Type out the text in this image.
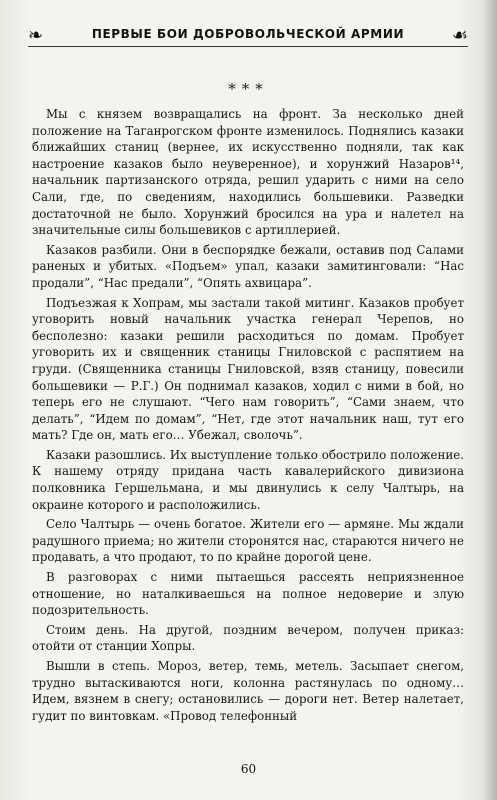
❧	ПЕРВЫЕ БОИ ДОБРОВОЛЬЧЕСКОЙ АРМИИ	☙
***

Мы с князем возвращались на фронт. За несколько дней положение на Таганрогском фронте изменилось. Поднялись казаки ближайших станиц (вернее, их искусственно подняли, так как настроение казаков было неуверенное), и хорунжий Назаров¹⁴, начальник партизанского отряда, решил ударить с ними на село Сали, где, по сведениям, находились большевики. Разведки достаточной не было. Хорунжий бросился на ура и налетел на значительные силы большевиков с артиллерией.

Казаков разбили. Они в беспорядке бежали, оставив под Салами раненых и убитых. «Подъем» упал, казаки замитинговали: “Нас продали”, “Нас предали”, “Опять ахвицара”.

Подъезжая к Хопрам, мы застали такой митинг. Казаков пробует уговорить новый начальник участка генерал Черепов, но бесполезно: казаки решили расходиться по домам. Пробует уговорить их и священник станицы Гниловской с распятием на груди. (Священника станицы Гниловской, взяв станицу, повесили большевики — Р.Г.) Он поднимал казаков, ходил с ними в бой, но теперь его не слушают. “Чего нам говорить”, “Сами знаем, что делать”, “Идем по домам”, “Нет, где этот начальник наш, тут его мать? Где он, мать его… Убежал, сволочь”.

Казаки разошлись. Их выступление только обострило положение. К нашему отряду придана часть кавалерийского дивизиона полковника Гершельмана, и мы двинулись к селу Чалтырь, на окраине которого и расположились.

Село Чалтырь — очень богатое. Жители его — армяне. Мы ждали радушного приема; но жители сторонятся нас, стараются ничего не продавать, а что продают, то по крайне дорогой цене.

В разговорах с ними пытаешься рассеять неприязненное отношение, но наталкиваешься на полное недоверие и злую подозрительность.

Стоим день. На другой, поздним вечером, получен приказ: отойти от станции Хопры.

Вышли в степь. Мороз, ветер, темь, метель. Засыпает снегом, трудно вытаскиваются ноги, колонна растянулась по одному… Идем, вязнем в снегу; остановились — дороги нет. Ветер налетает, гудит по винтовкам. «Провод телефонный

60
